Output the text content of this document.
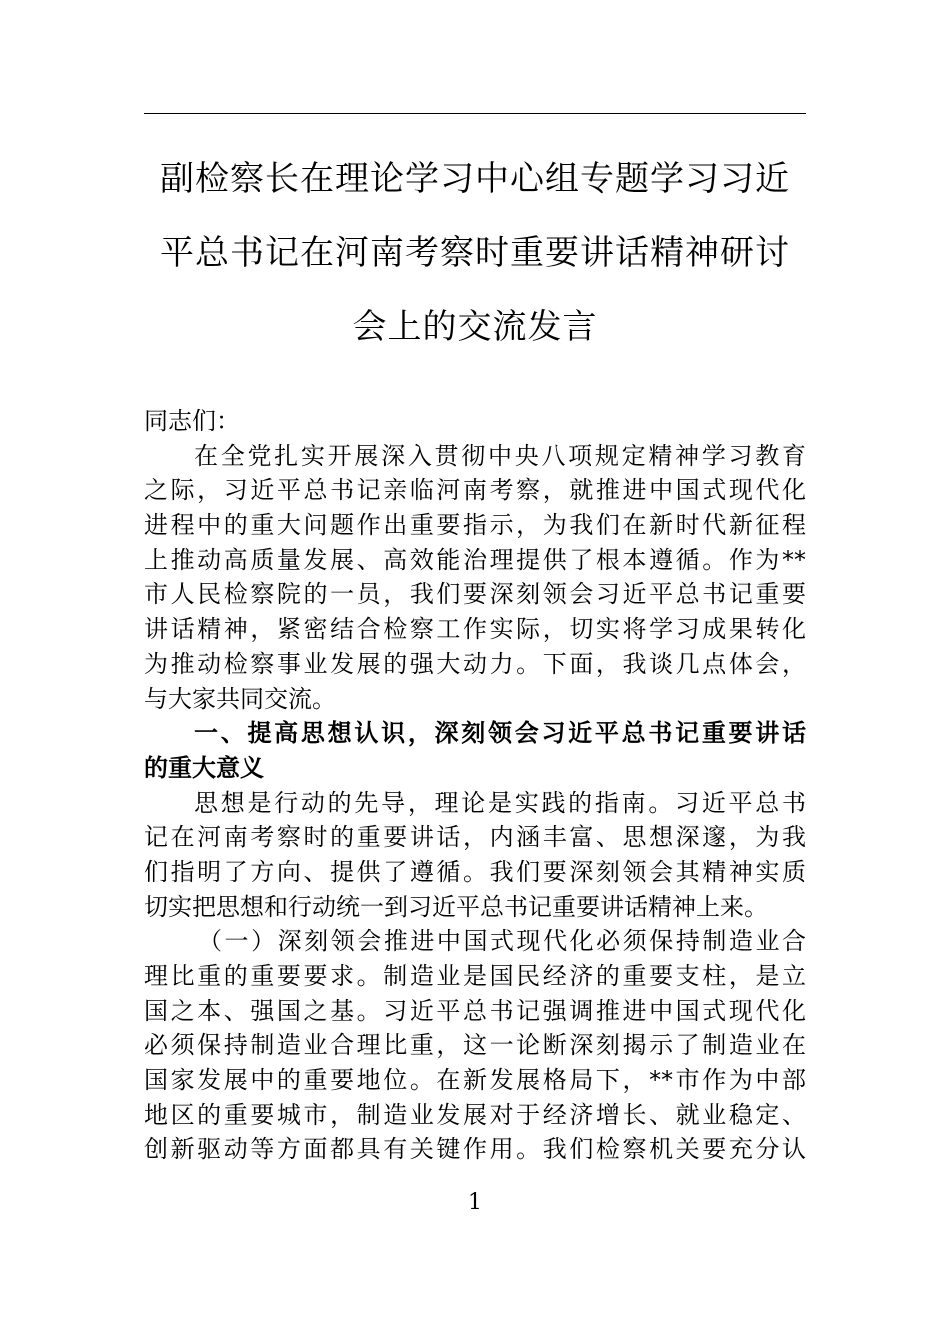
副检察长在理论学习中心组专题学习习近
平总书记在河南考察时重要讲话精神研讨
会上的交流发言
同志们：
在全党扎实开展深入贯彻中央八项规定精神学习教育
之际，习近平总书记亲临河南考察，就推进中国式现代化
进程中的重大问题作出重要指示，为我们在新时代新征程
上推动高质量发展、高效能治理提供了根本遵循。作为**
市人民检察院的一员，我们要深刻领会习近平总书记重要
讲话精神，紧密结合检察工作实际，切实将学习成果转化
为推动检察事业发展的强大动力。下面，我谈几点体会，
与大家共同交流。
一、提高思想认识，深刻领会习近平总书记重要讲话
的重大意义
思想是行动的先导，理论是实践的指南。习近平总书
记在河南考察时的重要讲话，内涵丰富、思想深邃，为我
们指明了方向、提供了遵循。我们要深刻领会其精神实质
切实把思想和行动统一到习近平总书记重要讲话精神上来。
（一）深刻领会推进中国式现代化必须保持制造业合
理比重的重要要求。制造业是国民经济的重要支柱，是立
国之本、强国之基。习近平总书记强调推进中国式现代化
必须保持制造业合理比重，这一论断深刻揭示了制造业在
国家发展中的重要地位。在新发展格局下，**市作为中部
地区的重要城市，制造业发展对于经济增长、就业稳定、
创新驱动等方面都具有关键作用。我们检察机关要充分认
1
